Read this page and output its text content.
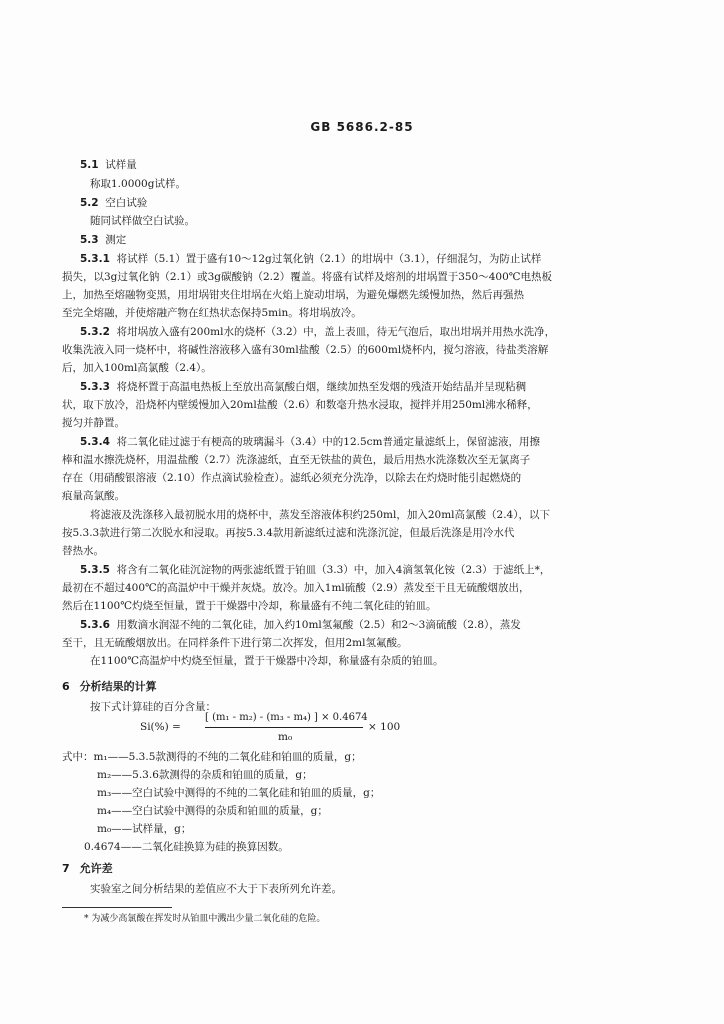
GB 5686.2-85
5.1 试样量
称取1.0000g试样。
5.2 空白试验
随同试样做空白试验。
5.3 测定
5.3.1 将试样（5.1）置于盛有10～12g过氧化钠（2.1）的坩埚中（3.1），仔细混匀，为防止试样
损失，以3g过氧化钠（2.1）或3g碳酸钠（2.2）覆盖。将盛有试样及熔剂的坩埚置于350～400℃电热板
上，加热至熔融物变黑，用坩埚钳夹住坩埚在火焰上旋动坩埚，为避免爆燃先缓慢加热，然后再强热
至完全熔融，并使熔融产物在红热状态保持5min。将坩埚放冷。
5.3.2 将坩埚放入盛有200ml水的烧杯（3.2）中，盖上表皿，待无气泡后，取出坩埚并用热水洗净，
收集洗液入同一烧杯中，将碱性溶液移入盛有30ml盐酸（2.5）的600ml烧杯内，搅匀溶液，待盐类溶解
后，加入100ml高氯酸（2.4）。
5.3.3 将烧杯置于高温电热板上至放出高氯酸白烟，继续加热至发烟的残渣开始结晶并呈现粘稠
状，取下放冷，沿烧杯内壁缓慢加入20ml盐酸（2.6）和数毫升热水浸取，搅拌并用250ml沸水稀释，
搅匀并静置。
5.3.4 将二氧化硅过滤于有梗高的玻璃漏斗（3.4）中的12.5cm普通定量滤纸上，保留滤液，用擦
棒和温水擦洗烧杯，用温盐酸（2.7）洗涤滤纸，直至无铁盐的黄色，最后用热水洗涤数次至无氯离子
存在（用硝酸银溶液（2.10）作点滴试验检查）。滤纸必须充分洗净，以除去在灼烧时能引起燃烧的
痕量高氯酸。
将滤液及洗涤移入最初脱水用的烧杯中，蒸发至溶液体积约250ml，加入20ml高氯酸（2.4），以下
按5.3.3款进行第二次脱水和浸取。再按5.3.4款用新滤纸过滤和洗涤沉淀，但最后洗涤是用冷水代
替热水。
5.3.5 将含有二氧化硅沉淀物的两张滤纸置于铂皿（3.3）中，加入4滴氢氧化铵（2.3）于滤纸上*，
最初在不超过400℃的高温炉中干燥并灰烧。放冷。加入1ml硫酸（2.9）蒸发至干且无硫酸烟放出，
然后在1100℃灼烧至恒量，置于干燥器中冷却，称量盛有不纯二氧化硅的铂皿。
5.3.6 用数滴水润湿不纯的二氧化硅，加入约10ml氢氟酸（2.5）和2～3滴硫酸（2.8），蒸发
至干，且无硫酸烟放出。在同样条件下进行第二次挥发，但用2ml氢氟酸。
在1100℃高温炉中灼烧至恒量，置于干燥器中冷却，称量盛有杂质的铂皿。
6 分析结果的计算
按下式计算硅的百分含量：
Si(%) =
[ (m₁ - m₂) - (m₃ - m₄) ] × 0.4674
m₀
× 100
式中：m₁——5.3.5款测得的不纯的二氧化硅和铂皿的质量，g；
m₂——5.3.6款测得的杂质和铂皿的质量，g；
m₃——空白试验中测得的不纯的二氧化硅和铂皿的质量，g；
m₄——空白试验中测得的杂质和铂皿的质量，g；
m₀——试样量，g；
0.4674——二氧化硅换算为硅的换算因数。
7 允许差
实验室之间分析结果的差值应不大于下表所列允许差。
* 为减少高氯酸在挥发时从铂皿中溅出少量二氧化硅的危险。
